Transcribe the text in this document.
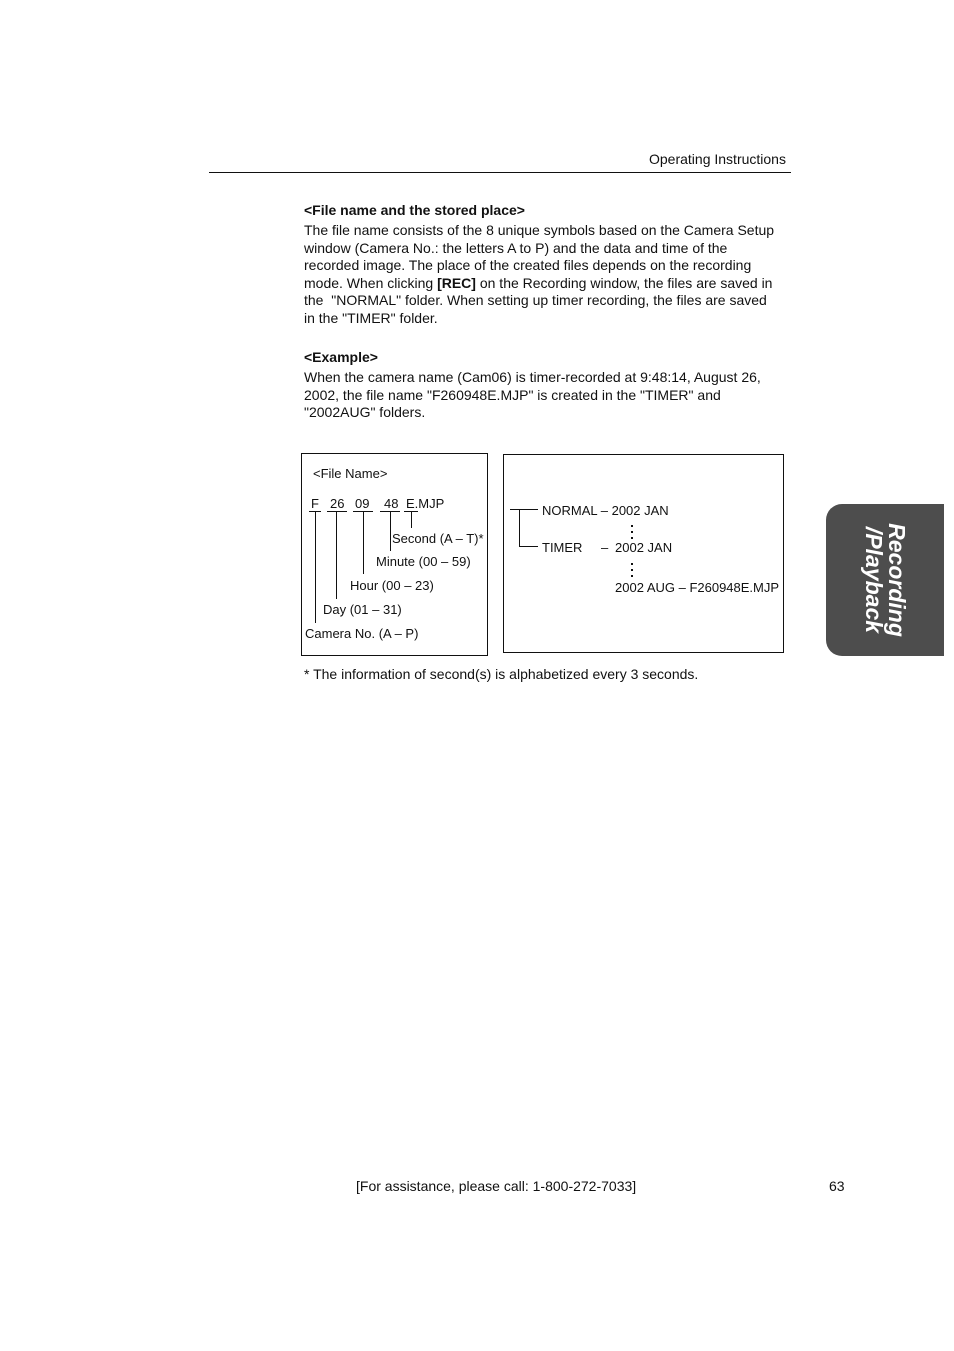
Operating Instructions
<File name and the stored place>
The file name consists of the 8 unique symbols based on the Camera Setup
window (Camera No.: the letters A to P) and the data and time of the
recorded image. The place of the created files depends on the recording
mode. When clicking [REC] on the Recording window, the files are saved in
the  "NORMAL" folder. When setting up timer recording, the files are saved
in the "TIMER" folder.
<Example>
When the camera name (Cam06) is timer-recorded at 9:48:14, August 26,
2002, the file name "F260948E.MJP" is created in the "TIMER" and
"2002AUG" folders.
<File Name>
F 26 09 48 E.MJP
Second (A – T)*
Minute (00 – 59)
Hour (00 – 23)
Day (01 – 31)
Camera No. (A – P)
NORMAL – 2002 JAN
TIMER – 2002 JAN
2002 AUG – F260948E.MJP
* The information of second(s) is alphabetized every 3 seconds.
Recording
/Playback
[For assistance, please call: 1-800-272-7033]	63
